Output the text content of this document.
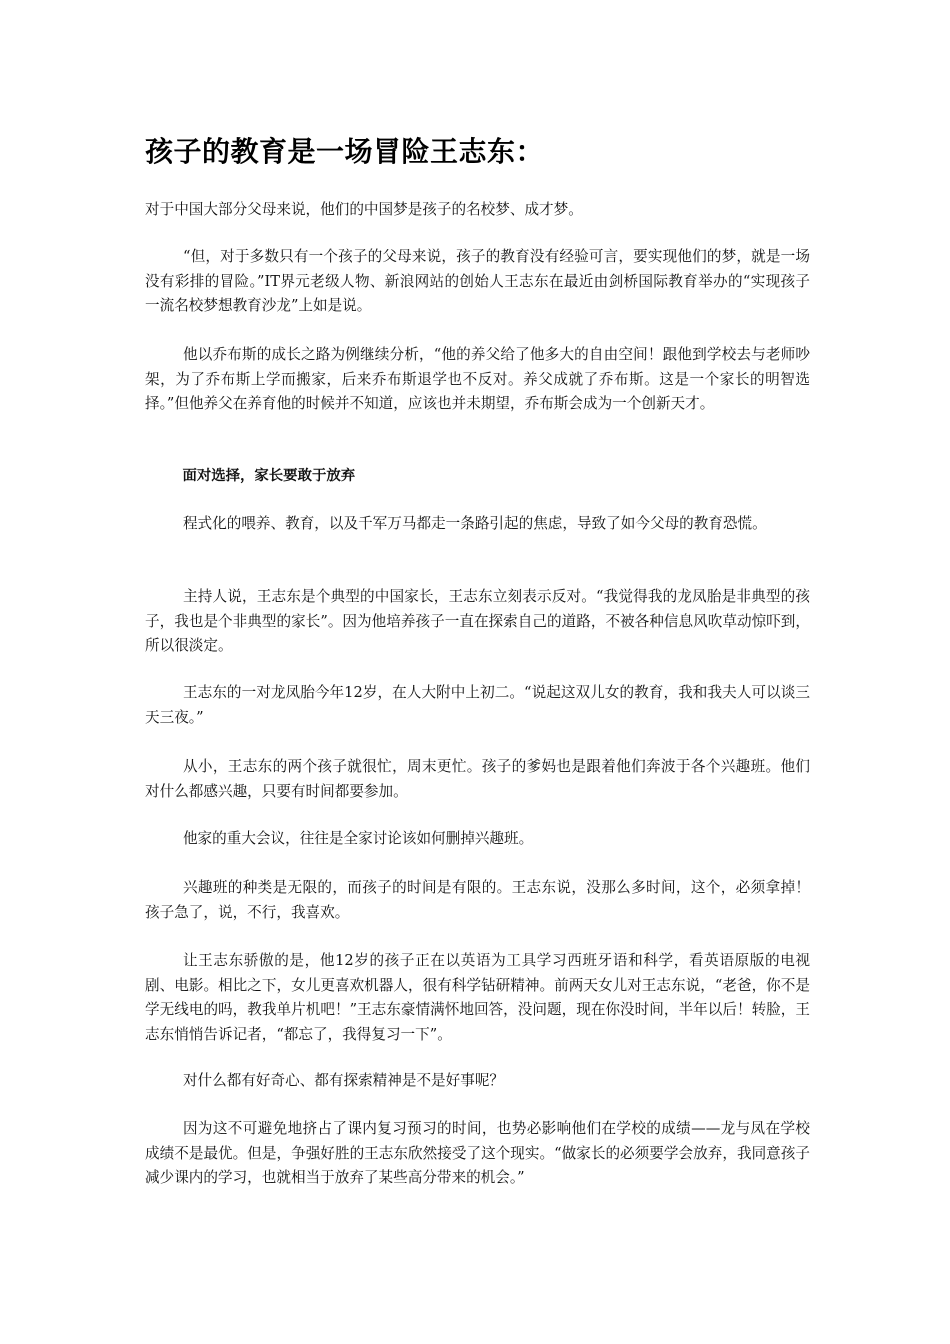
孩子的教育是一场冒险王志东：

对于中国大部分父母来说，他们的中国梦是孩子的名校梦、成才梦。

“但，对于多数只有一个孩子的父母来说，孩子的教育没有经验可言，要实现他们的梦，就是一场没有彩排的冒险。”IT界元老级人物、新浪网站的创始人王志东在最近由剑桥国际教育举办的“实现孩子一流名校梦想教育沙龙”上如是说。

他以乔布斯的成长之路为例继续分析，“他的养父给了他多大的自由空间！跟他到学校去与老师吵架，为了乔布斯上学而搬家，后来乔布斯退学也不反对。养父成就了乔布斯。这是一个家长的明智选择。”但他养父在养育他的时候并不知道，应该也并未期望，乔布斯会成为一个创新天才。

面对选择，家长要敢于放弃

程式化的喂养、教育，以及千军万马都走一条路引起的焦虑，导致了如今父母的教育恐慌。

主持人说，王志东是个典型的中国家长，王志东立刻表示反对。“我觉得我的龙凤胎是非典型的孩子，我也是个非典型的家长”。因为他培养孩子一直在探索自己的道路，不被各种信息风吹草动惊吓到，所以很淡定。

王志东的一对龙凤胎今年12岁，在人大附中上初二。“说起这双儿女的教育，我和我夫人可以谈三天三夜。”

从小，王志东的两个孩子就很忙，周末更忙。孩子的爹妈也是跟着他们奔波于各个兴趣班。他们对什么都感兴趣，只要有时间都要参加。

他家的重大会议，往往是全家讨论该如何删掉兴趣班。

兴趣班的种类是无限的，而孩子的时间是有限的。王志东说，没那么多时间，这个，必须拿掉！孩子急了，说，不行，我喜欢。

让王志东骄傲的是，他12岁的孩子正在以英语为工具学习西班牙语和科学，看英语原版的电视剧、电影。相比之下，女儿更喜欢机器人，很有科学钻研精神。前两天女儿对王志东说，“老爸，你不是学无线电的吗，教我单片机吧！”王志东豪情满怀地回答，没问题，现在你没时间，半年以后！转脸，王志东悄悄告诉记者，“都忘了，我得复习一下”。

对什么都有好奇心、都有探索精神是不是好事呢？

因为这不可避免地挤占了课内复习预习的时间，也势必影响他们在学校的成绩——龙与凤在学校成绩不是最优。但是，争强好胜的王志东欣然接受了这个现实。“做家长的必须要学会放弃，我同意孩子减少课内的学习，也就相当于放弃了某些高分带来的机会。”
